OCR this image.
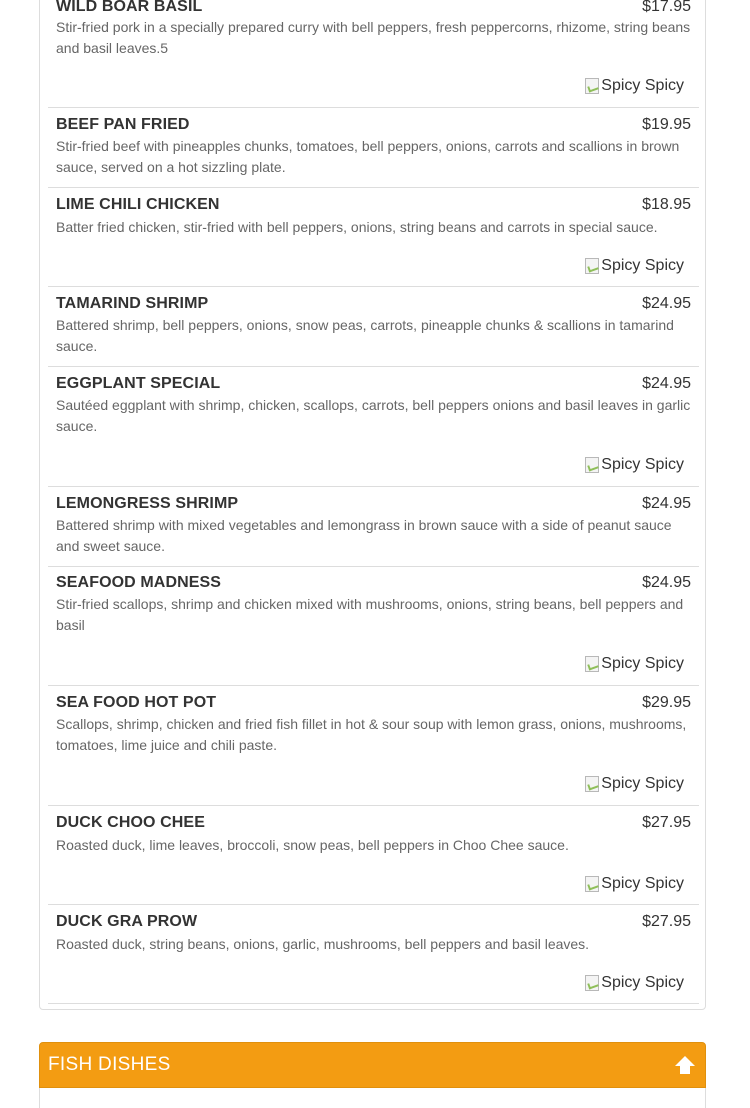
WILD BOAR BASIL	$17.95
Stir-fried pork in a specially prepared curry with bell peppers, fresh peppercorns, rhizome, string beans and basil leaves.5
Spicy Spicy
BEEF PAN FRIED	$19.95
Stir-fried beef with pineapples chunks, tomatoes, bell peppers, onions, carrots and scallions in brown sauce, served on a hot sizzling plate.
LIME CHILI CHICKEN	$18.95
Batter fried chicken, stir-fried with bell peppers, onions, string beans and carrots in special sauce.
Spicy Spicy
TAMARIND SHRIMP	$24.95
Battered shrimp, bell peppers, onions, snow peas, carrots, pineapple chunks & scallions in tamarind sauce.
EGGPLANT SPECIAL	$24.95
Sautéed eggplant with shrimp, chicken, scallops, carrots, bell peppers onions and basil leaves in garlic sauce.
Spicy Spicy
LEMONGRESS SHRIMP	$24.95
Battered shrimp with mixed vegetables and lemongrass in brown sauce with a side of peanut sauce and sweet sauce.
SEAFOOD MADNESS	$24.95
Stir-fried scallops, shrimp and chicken mixed with mushrooms, onions, string beans, bell peppers and basil
Spicy Spicy
SEA FOOD HOT POT	$29.95
Scallops, shrimp, chicken and fried fish fillet in hot & sour soup with lemon grass, onions, mushrooms, tomatoes, lime juice and chili paste.
Spicy Spicy
DUCK CHOO CHEE	$27.95
Roasted duck, lime leaves, broccoli, snow peas, bell peppers in Choo Chee sauce.
Spicy Spicy
DUCK GRA PROW	$27.95
Roasted duck, string beans, onions, garlic, mushrooms, bell peppers and basil leaves.
Spicy Spicy
FISH DISHES
